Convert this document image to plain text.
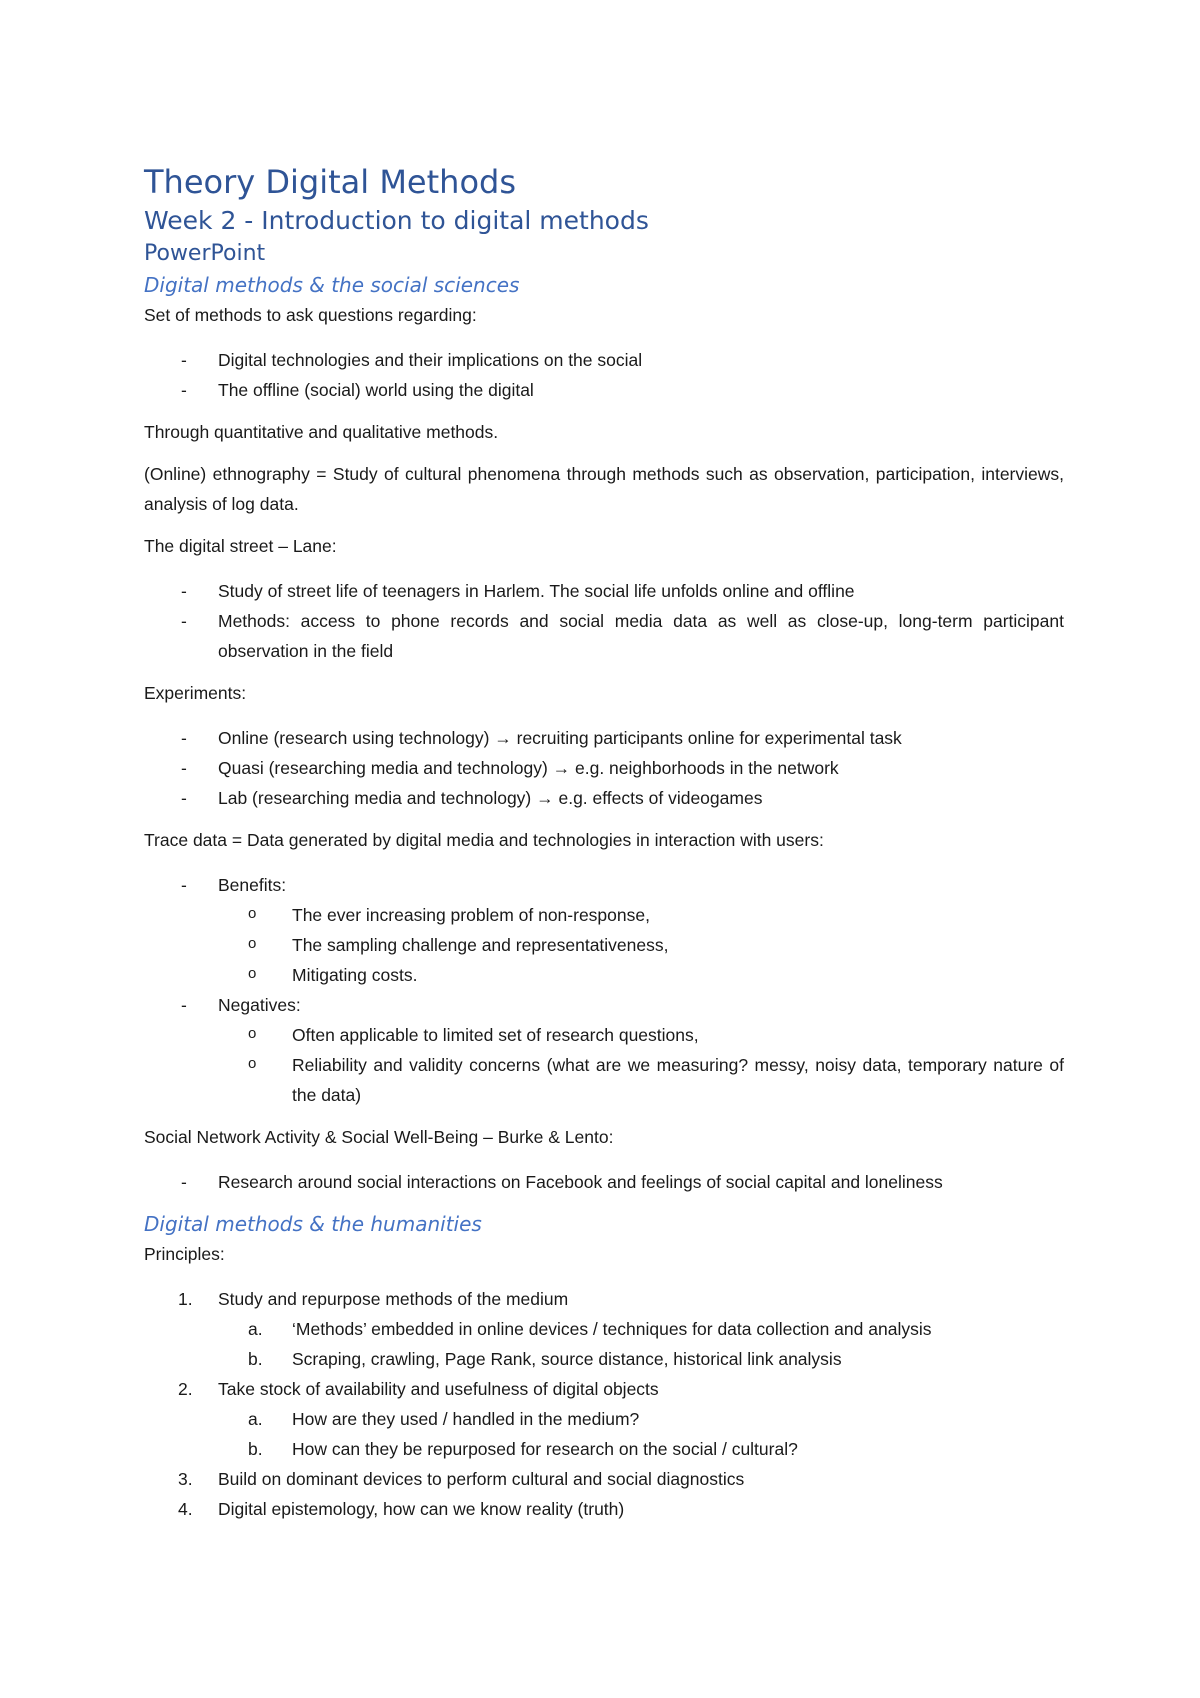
Theory Digital Methods
Week 2 - Introduction to digital methods
PowerPoint
Digital methods & the social sciences

Set of methods to ask questions regarding:

- Digital technologies and their implications on the social
- The offline (social) world using the digital

Through quantitative and qualitative methods.

(Online) ethnography = Study of cultural phenomena through methods such as observation, participation, interviews, analysis of log data.

The digital street – Lane:

- Study of street life of teenagers in Harlem. The social life unfolds online and offline
- Methods: access to phone records and social media data as well as close-up, long-term participant observation in the field

Experiments:

- Online (research using technology) → recruiting participants online for experimental task
- Quasi (researching media and technology) → e.g. neighborhoods in the network
- Lab (researching media and technology) → e.g. effects of videogames

Trace data = Data generated by digital media and technologies in interaction with users:

- Benefits:
o The ever increasing problem of non-response,
o The sampling challenge and representativeness,
o Mitigating costs.
- Negatives:
o Often applicable to limited set of research questions,
o Reliability and validity concerns (what are we measuring? messy, noisy data, temporary nature of the data)

Social Network Activity & Social Well-Being – Burke & Lento:

- Research around social interactions on Facebook and feelings of social capital and loneliness
Digital methods & the humanities

Principles:

1. Study and repurpose methods of the medium
a. ‘Methods’ embedded in online devices / techniques for data collection and analysis
b. Scraping, crawling, Page Rank, source distance, historical link analysis
2. Take stock of availability and usefulness of digital objects
a. How are they used / handled in the medium?
b. How can they be repurposed for research on the social / cultural?
3. Build on dominant devices to perform cultural and social diagnostics
4. Digital epistemology, how can we know reality (truth)
